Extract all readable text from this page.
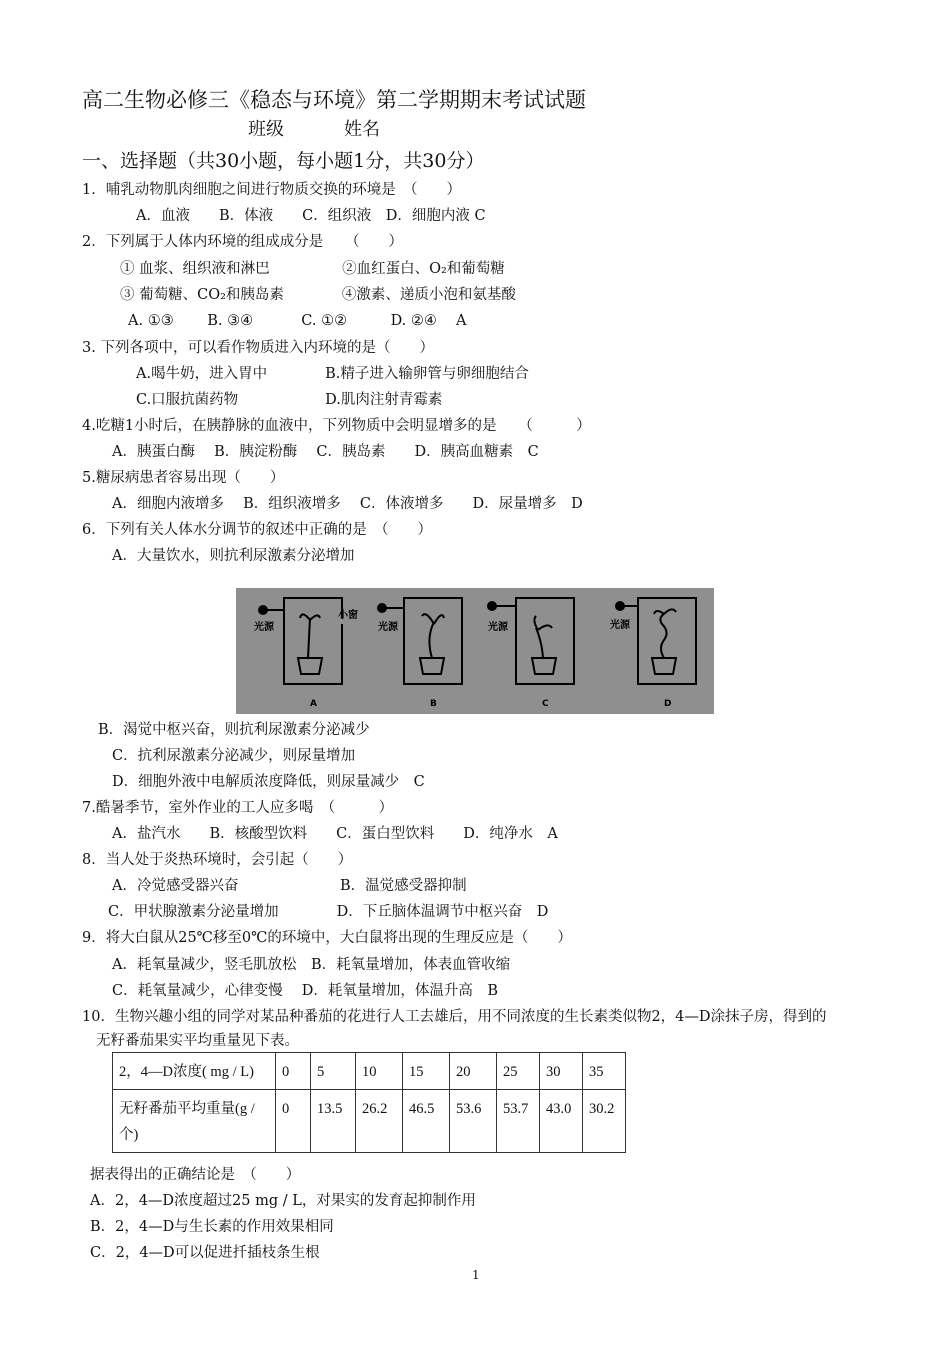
高二生物必修三《稳态与环境》第二学期期末考试试题
班级	姓名
一、选择题（共30小题，每小题1分，共30分）
1．哺乳动物肌肉细胞之间进行物质交换的环境是　（　　）
A．血液　　B．体液　　C．组织液　D．细胞内液 C
2．下列属于人体内环境的组成成分是　　（　　）
① 血浆、组织液和淋巴　　　　　②血红蛋白、O₂和葡萄糖
③ 葡萄糖、CO₂和胰岛素　　　　④激素、递质小泡和氨基酸
A. ①③　　 B. ③④　　　 C. ①②　　　D. ②④　 A
3. 下列各项中，可以看作物质进入内环境的是（　　）
A.喝牛奶，进入胃中　　　　B.精子进入输卵管与卵细胞结合
C.口服抗菌药物　　　　　　D.肌肉注射青霉素
4.吃糖1小时后，在胰静脉的血液中，下列物质中会明显增多的是　　（　　　）
A．胰蛋白酶　 B．胰淀粉酶　 C．胰岛素　　D．胰高血糖素　C
5.糖尿病患者容易出现（　　）
A．细胞内液增多　 B．组织液增多　 C．体液增多　　D．尿量增多　D
6．下列有关人体水分调节的叙述中正确的是　（　　）
A．大量饮水，则抗利尿激素分泌增加
光源
小窗
光源	光源	光源
A	B	C	D
B．渴觉中枢兴奋，则抗利尿激素分泌减少
C．抗利尿激素分泌减少，则尿量增加
D．细胞外液中电解质浓度降低，则尿量减少　C
7.酷暑季节，室外作业的工人应多喝　（　　　）
A．盐汽水　　B．核酸型饮料　　C．蛋白型饮料　　D．纯净水　A
8．当人处于炎热环境时，会引起（　　）
A．冷觉感受器兴奋　　　　　　　B．温觉感受器抑制
C．甲状腺激素分泌量增加　　　　D．下丘脑体温调节中枢兴奋　D
9．将大白鼠从25℃移至0℃的环境中，大白鼠将出现的生理反应是（　　）
A．耗氧量减少，竖毛肌放松　B．耗氧量增加，体表血管收缩
C．耗氧量减少，心律变慢　 D．耗氧量增加，体温升高　B
10．生物兴趣小组的同学对某品种番茄的花进行人工去雄后，用不同浓度的生长素类似物2，4—D涂抹子房，得到的
无籽番茄果实平均重量见下表。
2，4—D浓度( mg / L)	0	5	10	15	20	25	30	35
无籽番茄平均重量(g / 个)	0	13.5	26.2	46.5	53.6	53.7	43.0	30.2
据表得出的正确结论是　（　　）
A．2，4—D浓度超过25 mg / L，对果实的发育起抑制作用
B．2，4—D与生长素的作用效果相同
C．2，4—D可以促进扦插枝条生根
1
